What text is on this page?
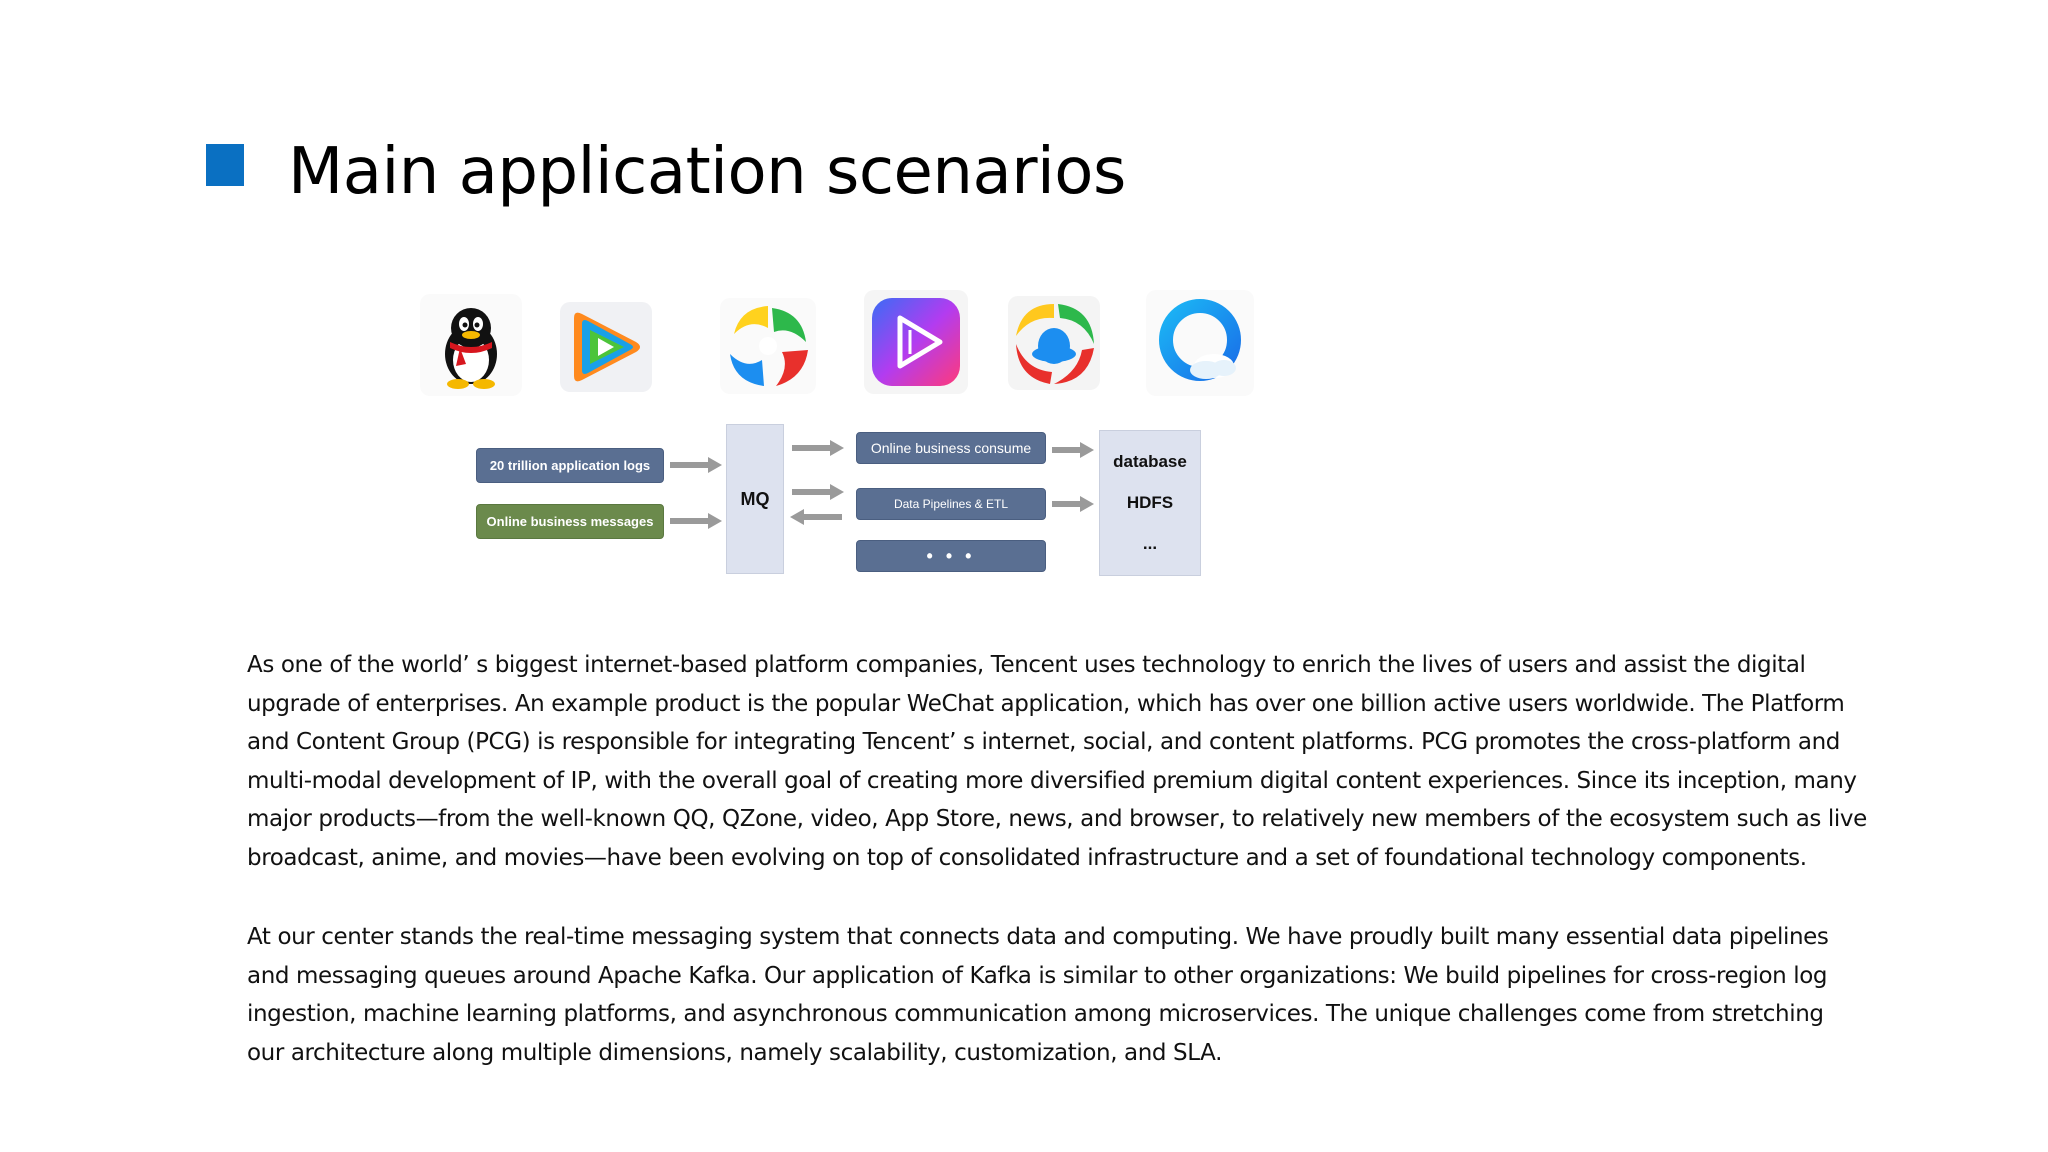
Main application scenarios
20 trillion application logs
Online business messages
MQ
Online business consume
Data Pipelines & ETL
• • •
database
HDFS
...

As one of the world’ s biggest internet-based platform companies, Tencent uses technology to enrich the lives of users and assist the digital upgrade of enterprises. An example product is the popular WeChat application, which has over one billion active users worldwide. The Platform and Content Group (PCG) is responsible for integrating Tencent’ s internet, social, and content platforms. PCG promotes the cross-platform and multi-modal development of IP, with the overall goal of creating more diversified premium digital content experiences. Since its inception, many major products—from the well-known QQ, QZone, video, App Store, news, and browser, to relatively new members of the ecosystem such as live broadcast, anime, and movies—have been evolving on top of consolidated infrastructure and a set of foundational technology components.

At our center stands the real-time messaging system that connects data and computing. We have proudly built many essential data pipelines and messaging queues around Apache Kafka. Our application of Kafka is similar to other organizations: We build pipelines for cross-region log ingestion, machine learning platforms, and asynchronous communication among microservices. The unique challenges come from stretching our architecture along multiple dimensions, namely scalability, customization, and SLA.
